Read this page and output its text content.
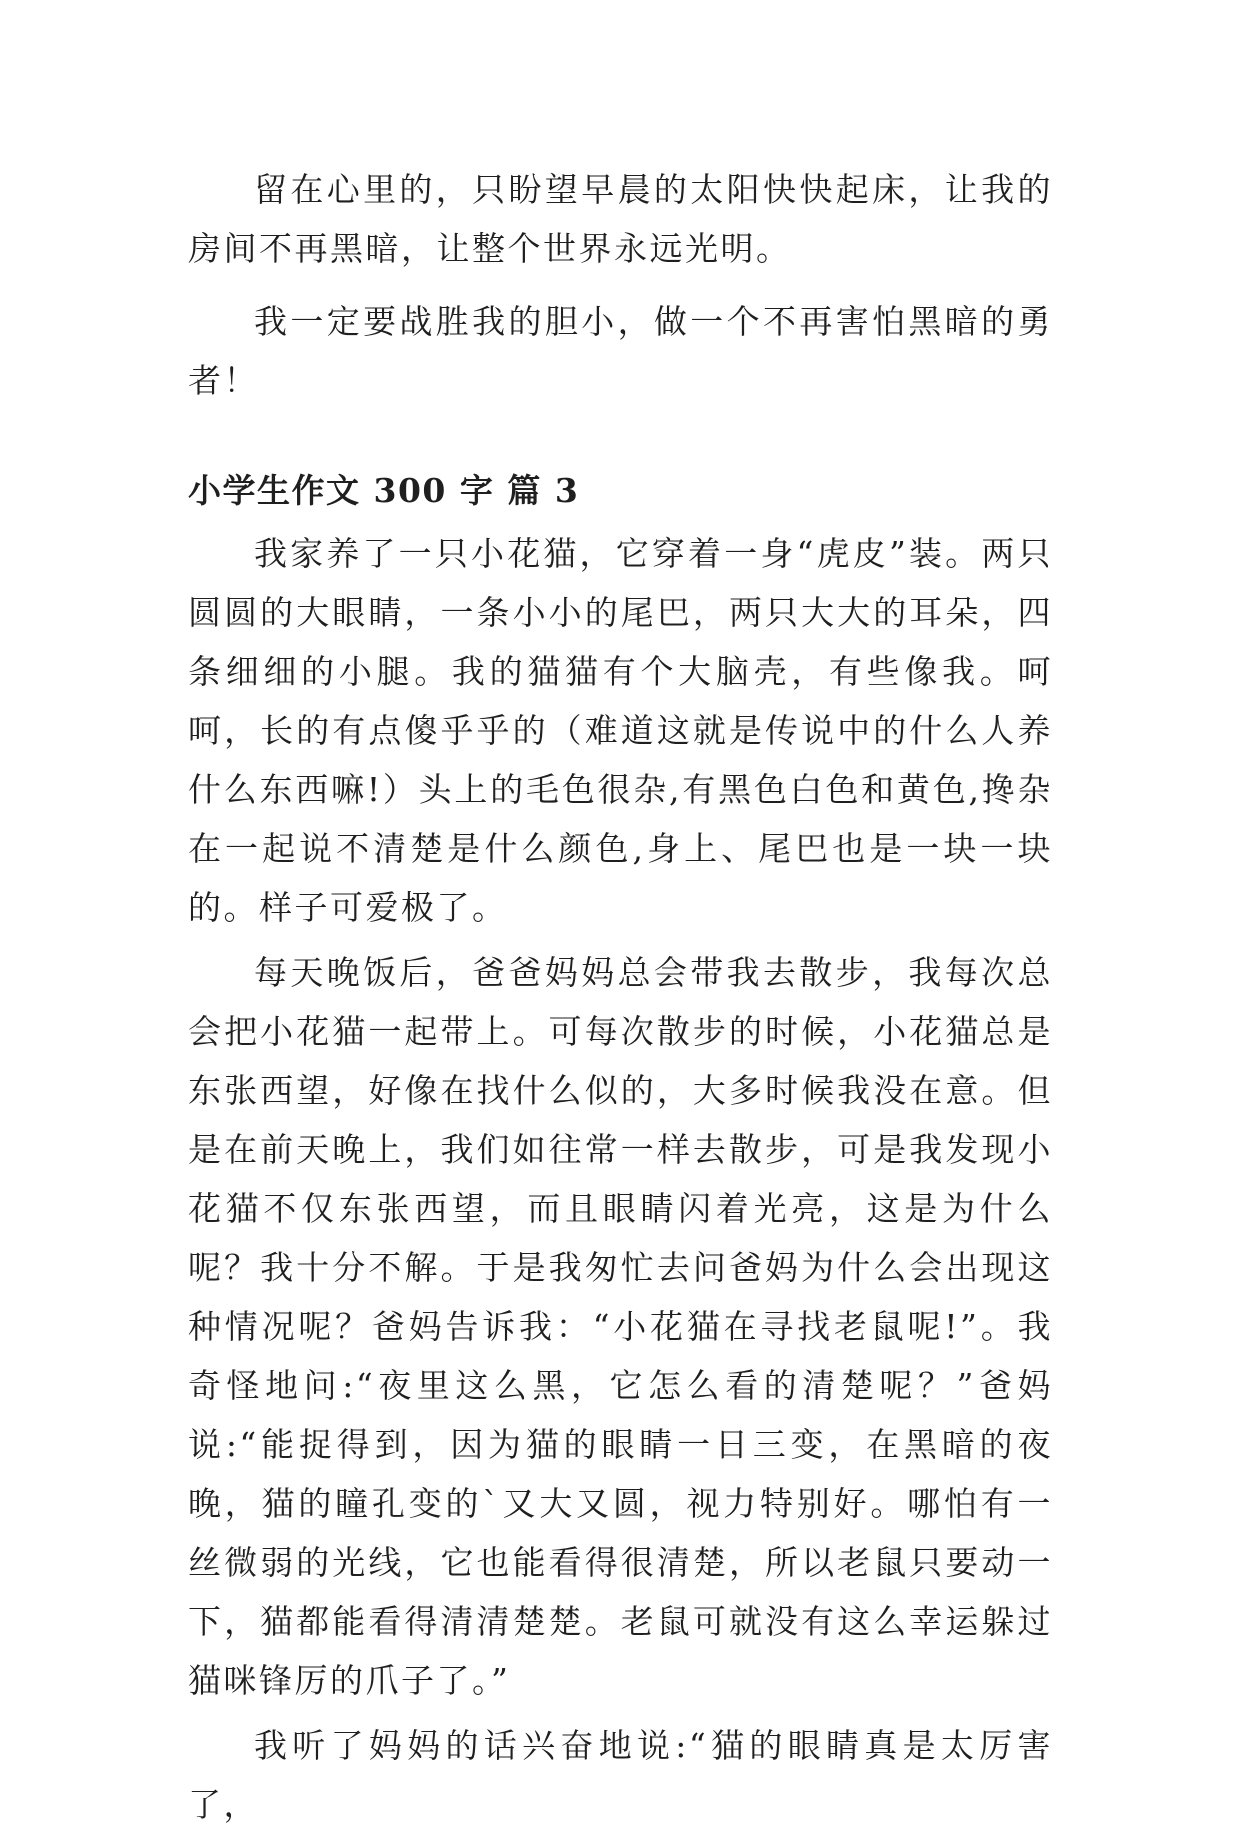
留在心里的，只盼望早晨的太阳快快起床，让我的房间不再黑暗，让整个世界永远光明。

我一定要战胜我的胆小，做一个不再害怕黑暗的勇者！

小学生作文 300 字 篇 3

我家养了一只小花猫，它穿着一身“虎皮”装。两只圆圆的大眼睛，一条小小的尾巴，两只大大的耳朵，四条细细的小腿。我的猫猫有个大脑壳，有些像我。呵呵，长的有点傻乎乎的（难道这就是传说中的什么人养什么东西嘛!）头上的毛色很杂,有黑色白色和黄色,搀杂在一起说不清楚是什么颜色,身上、尾巴也是一块一块的。样子可爱极了。

每天晚饭后，爸爸妈妈总会带我去散步，我每次总会把小花猫一起带上。可每次散步的时候，小花猫总是东张西望，好像在找什么似的，大多时候我没在意。但是在前天晚上，我们如往常一样去散步，可是我发现小花猫不仅东张西望，而且眼睛闪着光亮，这是为什么呢？我十分不解。于是我匆忙去问爸妈为什么会出现这种情况呢？爸妈告诉我：“小花猫在寻找老鼠呢!”。我奇怪地问:“夜里这么黑，它怎么看的清楚呢？”爸妈说:“能捉得到，因为猫的眼睛一日三变，在黑暗的夜晚，猫的瞳孔变的`又大又圆，视力特别好。哪怕有一丝微弱的光线，它也能看得很清楚，所以老鼠只要动一下，猫都能看得清清楚楚。老鼠可就没有这么幸运躲过猫咪锋厉的爪子了。”

我听了妈妈的话兴奋地说:“猫的眼睛真是太厉害了，
